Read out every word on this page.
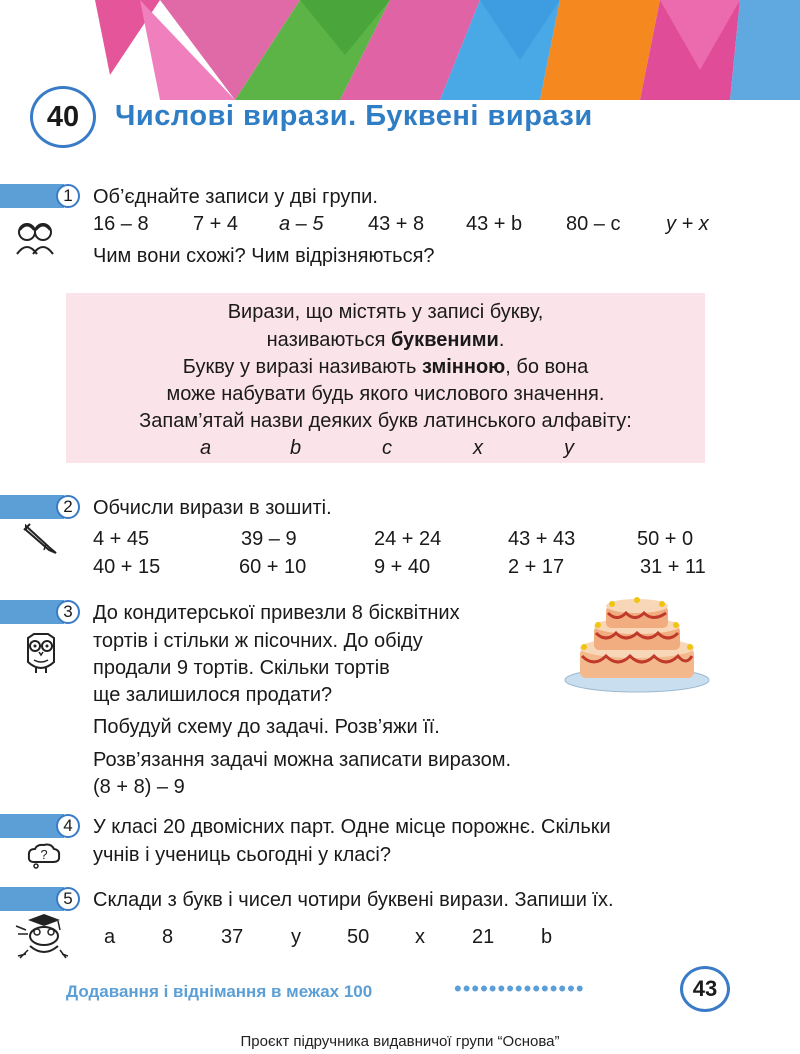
40 Числові вирази. Буквені вирази
1 Об’єднайте записи у дві групи.
16 – 8 7 + 4 a – 5 43 + 8 43 + b 80 – c y + x
Чим вони схожі? Чим відрізняються?
Вирази, що містять у записі букву,
називаються буквеними.
Букву у виразі називають змінною, бо вона
може набувати будь якого числового значення.
Запам’ятай назви деяких букв латинського алфавіту:
a	b	c	x	y
2 Обчисли вирази в зошиті.
4 + 45	39 – 9	24 + 24	43 + 43	50 + 0
40 + 15	60 + 10	9 + 40	2 + 17	31 + 11
3 До кондитерської привезли 8 бісквітних
тортів і стільки ж пісочних. До обіду
продали 9 тортів. Скільки тортів
ще залишилося продати?
Побудуй схему до задачі. Розв’яжи її.
Розв’язання задачі можна записати виразом.
(8 + 8) – 9
4
?
У класі 20 двомісних парт. Одне місце порожнє. Скільки
учнів і учениць сьогодні у класі?
5 Склади з букв і чисел чотири буквені вирази. Запиши їх.
a 8 37 y 50 x 21 b
Додавання і віднімання в межах 100	•••••••••••••••	43
Проєкт підручника видавничої групи “Основа”
